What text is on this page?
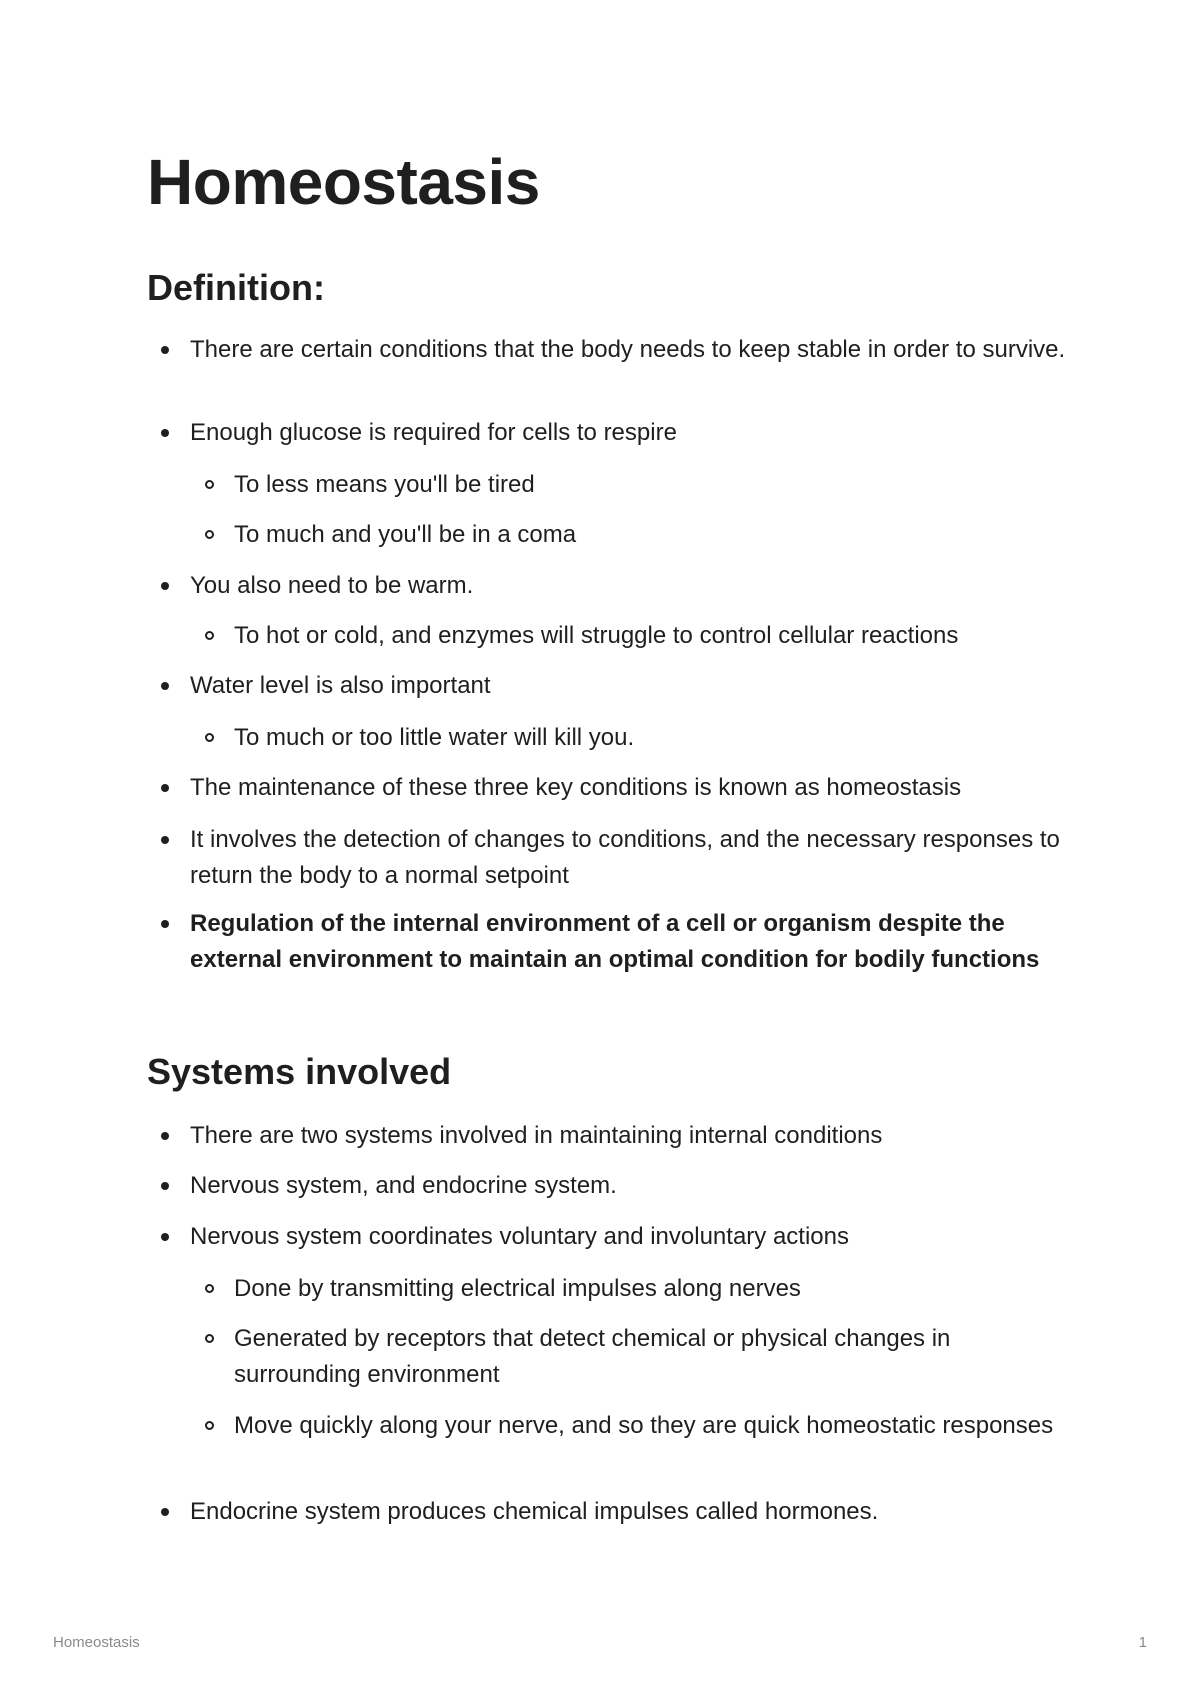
Homeostasis
Definition:
There are certain conditions that the body needs to keep stable in order to survive.
Enough glucose is required for cells to respire
To less means you'll be tired
To much and you'll be in a coma
You also need to be warm.
To hot or cold, and enzymes will struggle to control cellular reactions
Water level is also important
To much or too little water will kill you.
The maintenance of these three key conditions is known as homeostasis
It involves the detection of changes to conditions, and the necessary responses to return the body to a normal setpoint
Regulation of the internal environment of a cell or organism despite the external environment to maintain an optimal condition for bodily functions
Systems involved
There are two systems involved in maintaining internal conditions
Nervous system, and endocrine system.
Nervous system coordinates voluntary and involuntary actions
Done by transmitting electrical impulses along nerves
Generated by receptors that detect chemical or physical changes in surrounding environment
Move quickly along your nerve, and so they are quick homeostatic responses
Endocrine system produces chemical impulses called hormones.
Homeostasis	1
